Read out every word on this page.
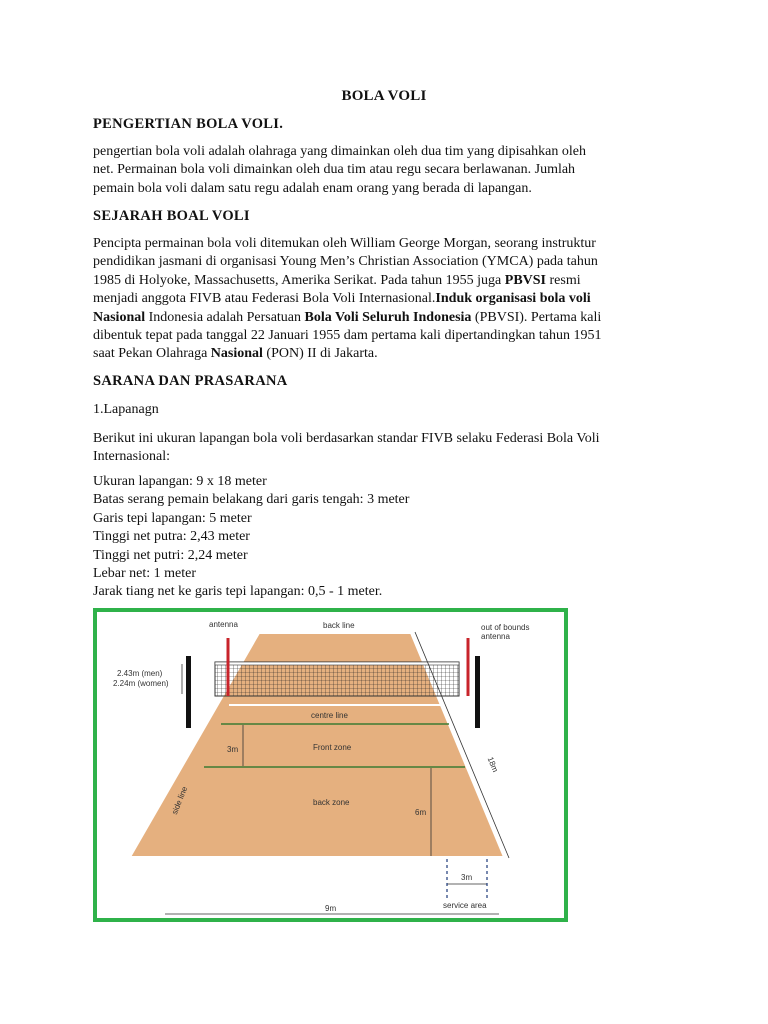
BOLA VOLI
PENGERTIAN BOLA VOLI.
pengertian bola voli adalah olahraga yang dimainkan oleh dua tim yang dipisahkan oleh
net. Permainan bola voli dimainkan oleh dua tim atau regu secara berlawanan. Jumlah
pemain bola voli dalam satu regu adalah enam orang yang berada di lapangan.
SEJARAH BOAL VOLI
Pencipta permainan bola voli ditemukan oleh William George Morgan, seorang instruktur
pendidikan jasmani di organisasi Young Men’s Christian Association (YMCA) pada tahun
1985 di Holyoke, Massachusetts, Amerika Serikat. Pada tahun 1955 juga PBVSI resmi
menjadi anggota FIVB atau Federasi Bola Voli Internasional.Induk organisasi bola voli
Nasional Indonesia adalah Persatuan Bola Voli Seluruh Indonesia (PBVSI). Pertama kali
dibentuk tepat pada tanggal 22 Januari 1955 dam pertama kali dipertandingkan tahun 1951
saat Pekan Olahraga Nasional (PON) II di Jakarta.
SARANA DAN PRASARANA
1.Lapanagn
Berikut ini ukuran lapangan bola voli berdasarkan standar FIVB selaku Federasi Bola Voli
Internasional:
Ukuran lapangan: 9 x 18 meter
Batas serang pemain belakang dari garis tengah: 3 meter
Garis tepi lapangan: 5 meter
Tinggi net putra: 2,43 meter
Tinggi net putri: 2,24 meter
Lebar net: 1 meter
Jarak tiang net ke garis tepi lapangan: 0,5 - 1 meter.
antenna	back line	out of bounds
antenna
2.43m (men)
2.24m (women)
centre line
Front zone
3m
back zone
6m
18m
side line
3m
9m	service area
